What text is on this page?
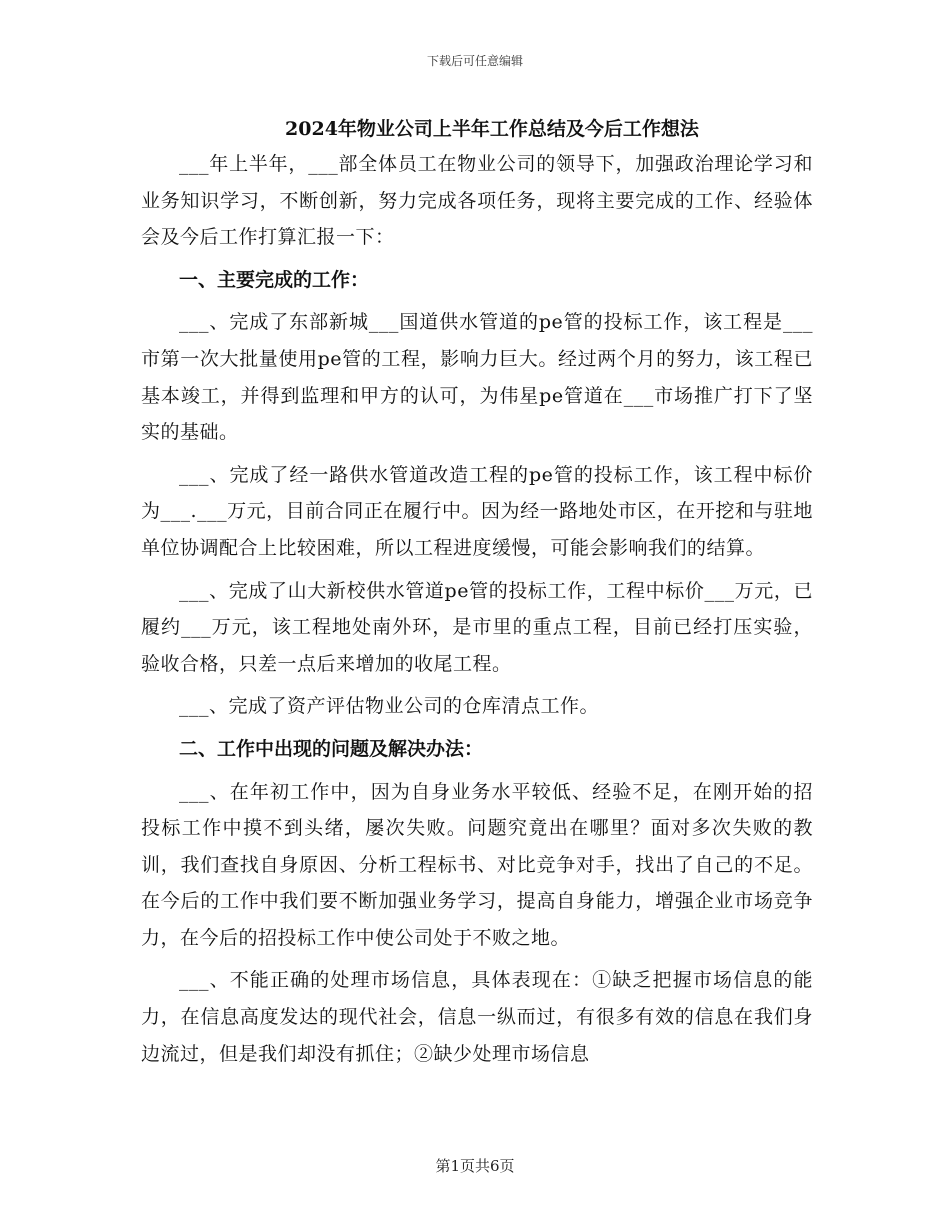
下载后可任意编辑
2024年物业公司上半年工作总结及今后工作想法

___年上半年，___部全体员工在物业公司的领导下，加强政治理论学习和业务知识学习，不断创新，努力完成各项任务，现将主要完成的工作、经验体会及今后工作打算汇报一下：

一、主要完成的工作：

___、完成了东部新城___国道供水管道的pe管的投标工作，该工程是___市第一次大批量使用pe管的工程，影响力巨大。经过两个月的努力，该工程已基本竣工，并得到监理和甲方的认可，为伟星pe管道在___市场推广打下了坚实的基础。

___、完成了经一路供水管道改造工程的pe管的投标工作，该工程中标价为___.___万元，目前合同正在履行中。因为经一路地处市区，在开挖和与驻地单位协调配合上比较困难，所以工程进度缓慢，可能会影响我们的结算。

___、完成了山大新校供水管道pe管的投标工作，工程中标价___万元，已履约___万元，该工程地处南外环，是市里的重点工程，目前已经打压实验，验收合格，只差一点后来增加的收尾工程。

___、完成了资产评估物业公司的仓库清点工作。

二、工作中出现的问题及解决办法：

___、在年初工作中，因为自身业务水平较低、经验不足，在刚开始的招投标工作中摸不到头绪，屡次失败。问题究竟出在哪里？面对多次失败的教训，我们查找自身原因、分析工程标书、对比竞争对手，找出了自己的不足。在今后的工作中我们要不断加强业务学习，提高自身能力，增强企业市场竞争力，在今后的招投标工作中使公司处于不败之地。

___、不能正确的处理市场信息，具体表现在：①缺乏把握市场信息的能力，在信息高度发达的现代社会，信息一纵而过，有很多有效的信息在我们身边流过，但是我们却没有抓住；②缺少处理市场信息

第1页共6页
